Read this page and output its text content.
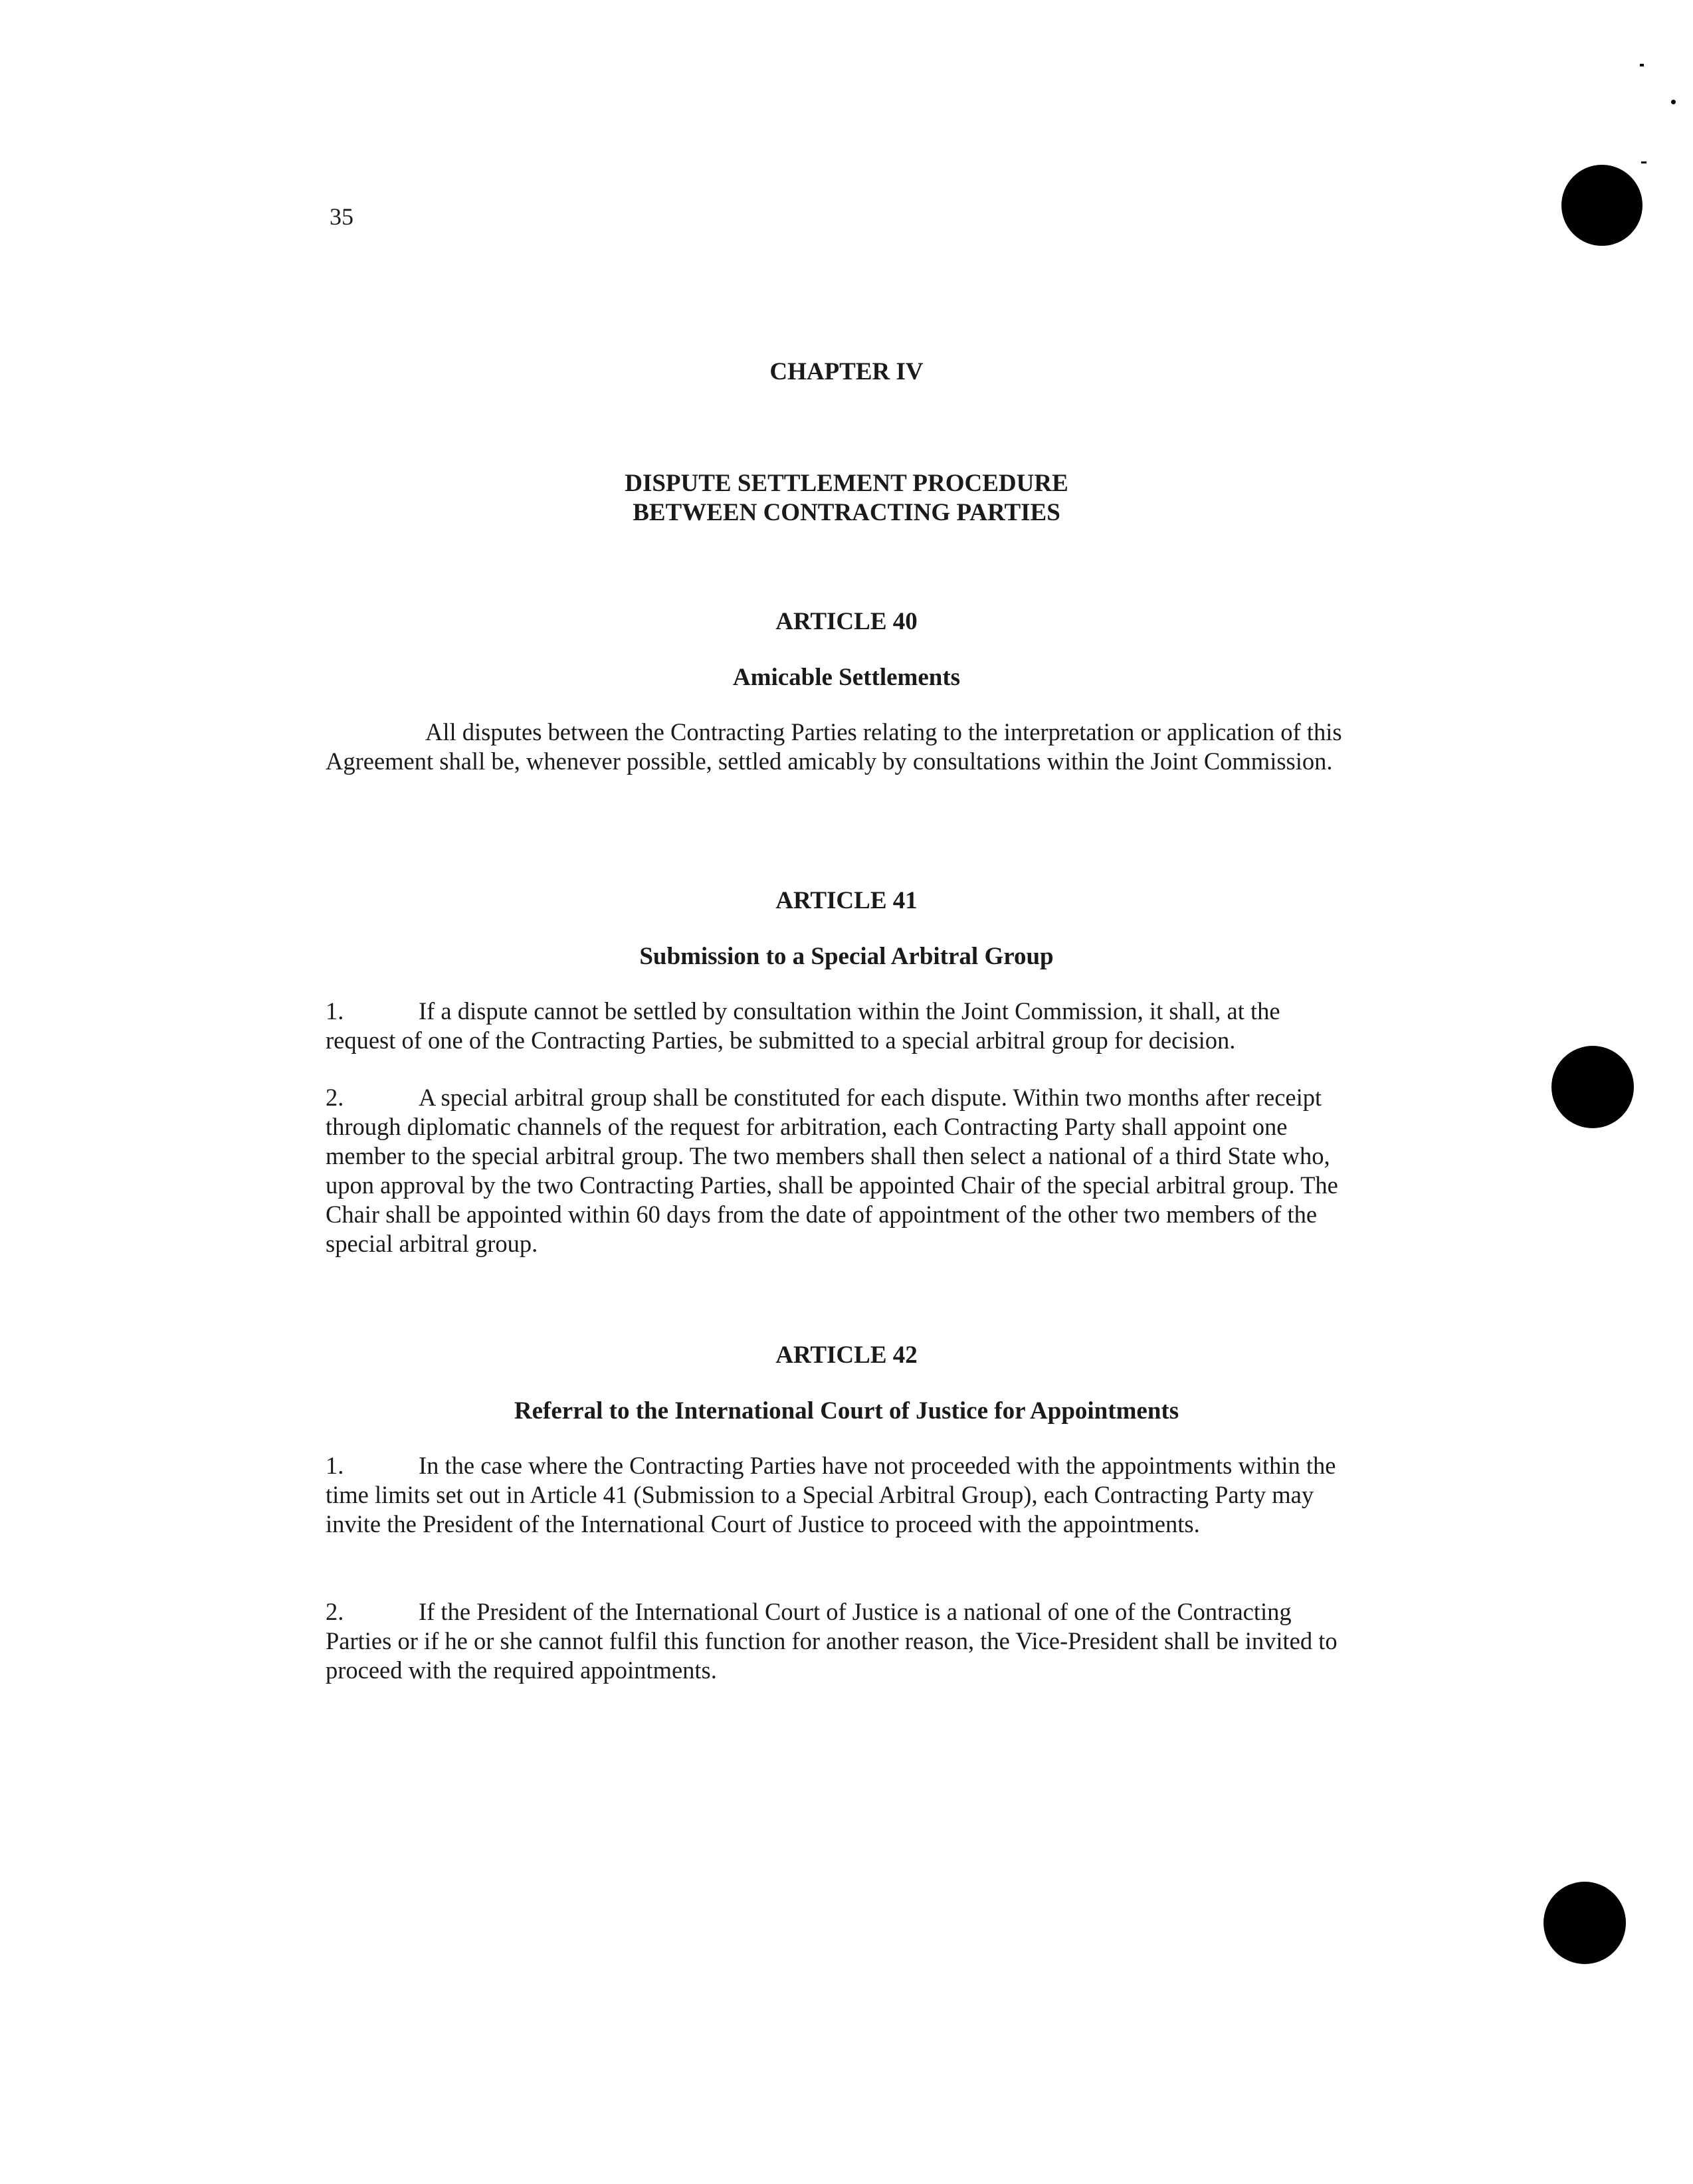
35
CHAPTER IV
DISPUTE SETTLEMENT PROCEDURE
BETWEEN CONTRACTING PARTIES
ARTICLE 40
Amicable Settlements

All disputes between the Contracting Parties relating to the interpretation or application of this Agreement shall be, whenever possible, settled amicably by consultations within the Joint Commission.

ARTICLE 41
Submission to a Special Arbitral Group

1.	If a dispute cannot be settled by consultation within the Joint Commission, it shall, at the request of one of the Contracting Parties, be submitted to a special arbitral group for decision.

2.	A special arbitral group shall be constituted for each dispute. Within two months after receipt through diplomatic channels of the request for arbitration, each Contracting Party shall appoint one member to the special arbitral group. The two members shall then select a national of a third State who, upon approval by the two Contracting Parties, shall be appointed Chair of the special arbitral group. The Chair shall be appointed within 60 days from the date of appointment of the other two members of the special arbitral group.

ARTICLE 42
Referral to the International Court of Justice for Appointments

1.	In the case where the Contracting Parties have not proceeded with the appointments within the time limits set out in Article 41 (Submission to a Special Arbitral Group), each Contracting Party may invite the President of the International Court of Justice to proceed with the appointments.

2.	If the President of the International Court of Justice is a national of one of the Contracting Parties or if he or she cannot fulfil this function for another reason, the Vice-President shall be invited to proceed with the required appointments.
